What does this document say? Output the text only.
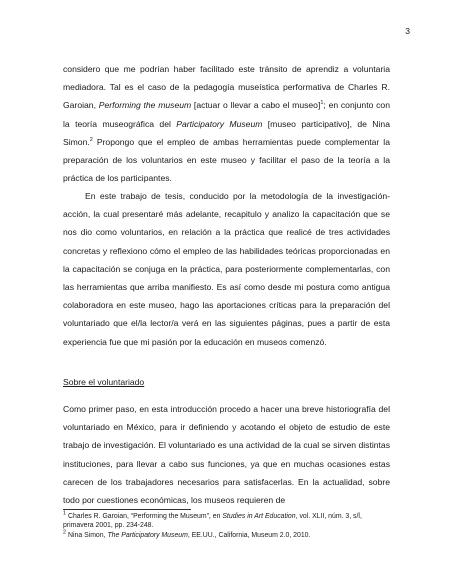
3

considero que me podrían haber facilitado este tránsito de aprendiz a voluntaria mediadora. Tal es el caso de la pedagogía museística performativa de Charles R. Garoian, Performing the museum [actuar o llevar a cabo el museo]$^1$; en conjunto con la teoría museográfica del Participatory Museum [museo participativo], de Nina Simon.$^2$ Propongo que el empleo de ambas herramientas puede complementar la preparación de los voluntarios en este museo y facilitar el paso de la teoría a la práctica de los participantes.

En este trabajo de tesis, conducido por la metodología de la investigación-acción, la cual presentaré más adelante, recapitulo y analizo la capacitación que se nos dio como voluntarios, en relación a la práctica que realicé de tres actividades concretas y reflexiono cómo el empleo de las habilidades teóricas proporcionadas en la capacitación se conjuga en la práctica, para posteriormente complementarlas, con las herramientas que arriba manifiesto. Es así como desde mi postura como antigua colaboradora en este museo, hago las aportaciones críticas para la preparación del voluntariado que el/la lector/a verá en las siguientes páginas, pues a partir de esta experiencia fue que mi pasión por la educación en museos comenzó.

Sobre el voluntariado

Como primer paso, en esta introducción procedo a hacer una breve historiografía del voluntariado en México, para ir definiendo y acotando el objeto de estudio de este trabajo de investigación. El voluntariado es una actividad de la cual se sirven distintas instituciones, para llevar a cabo sus funciones, ya que en muchas ocasiones estas carecen de los trabajadores necesarios para satisfacerlas. En la actualidad, sobre todo por cuestiones económicas, los museos requieren de

$^1$ Charles R. Garoian, “Performing the Museum”, en Studies in Art Education, vol. XLII, núm. 3, s/l, primavera 2001, pp. 234-248.

$^2$ Nina Simon, The Participatory Museum, EE.UU., California, Museum 2.0, 2010.
